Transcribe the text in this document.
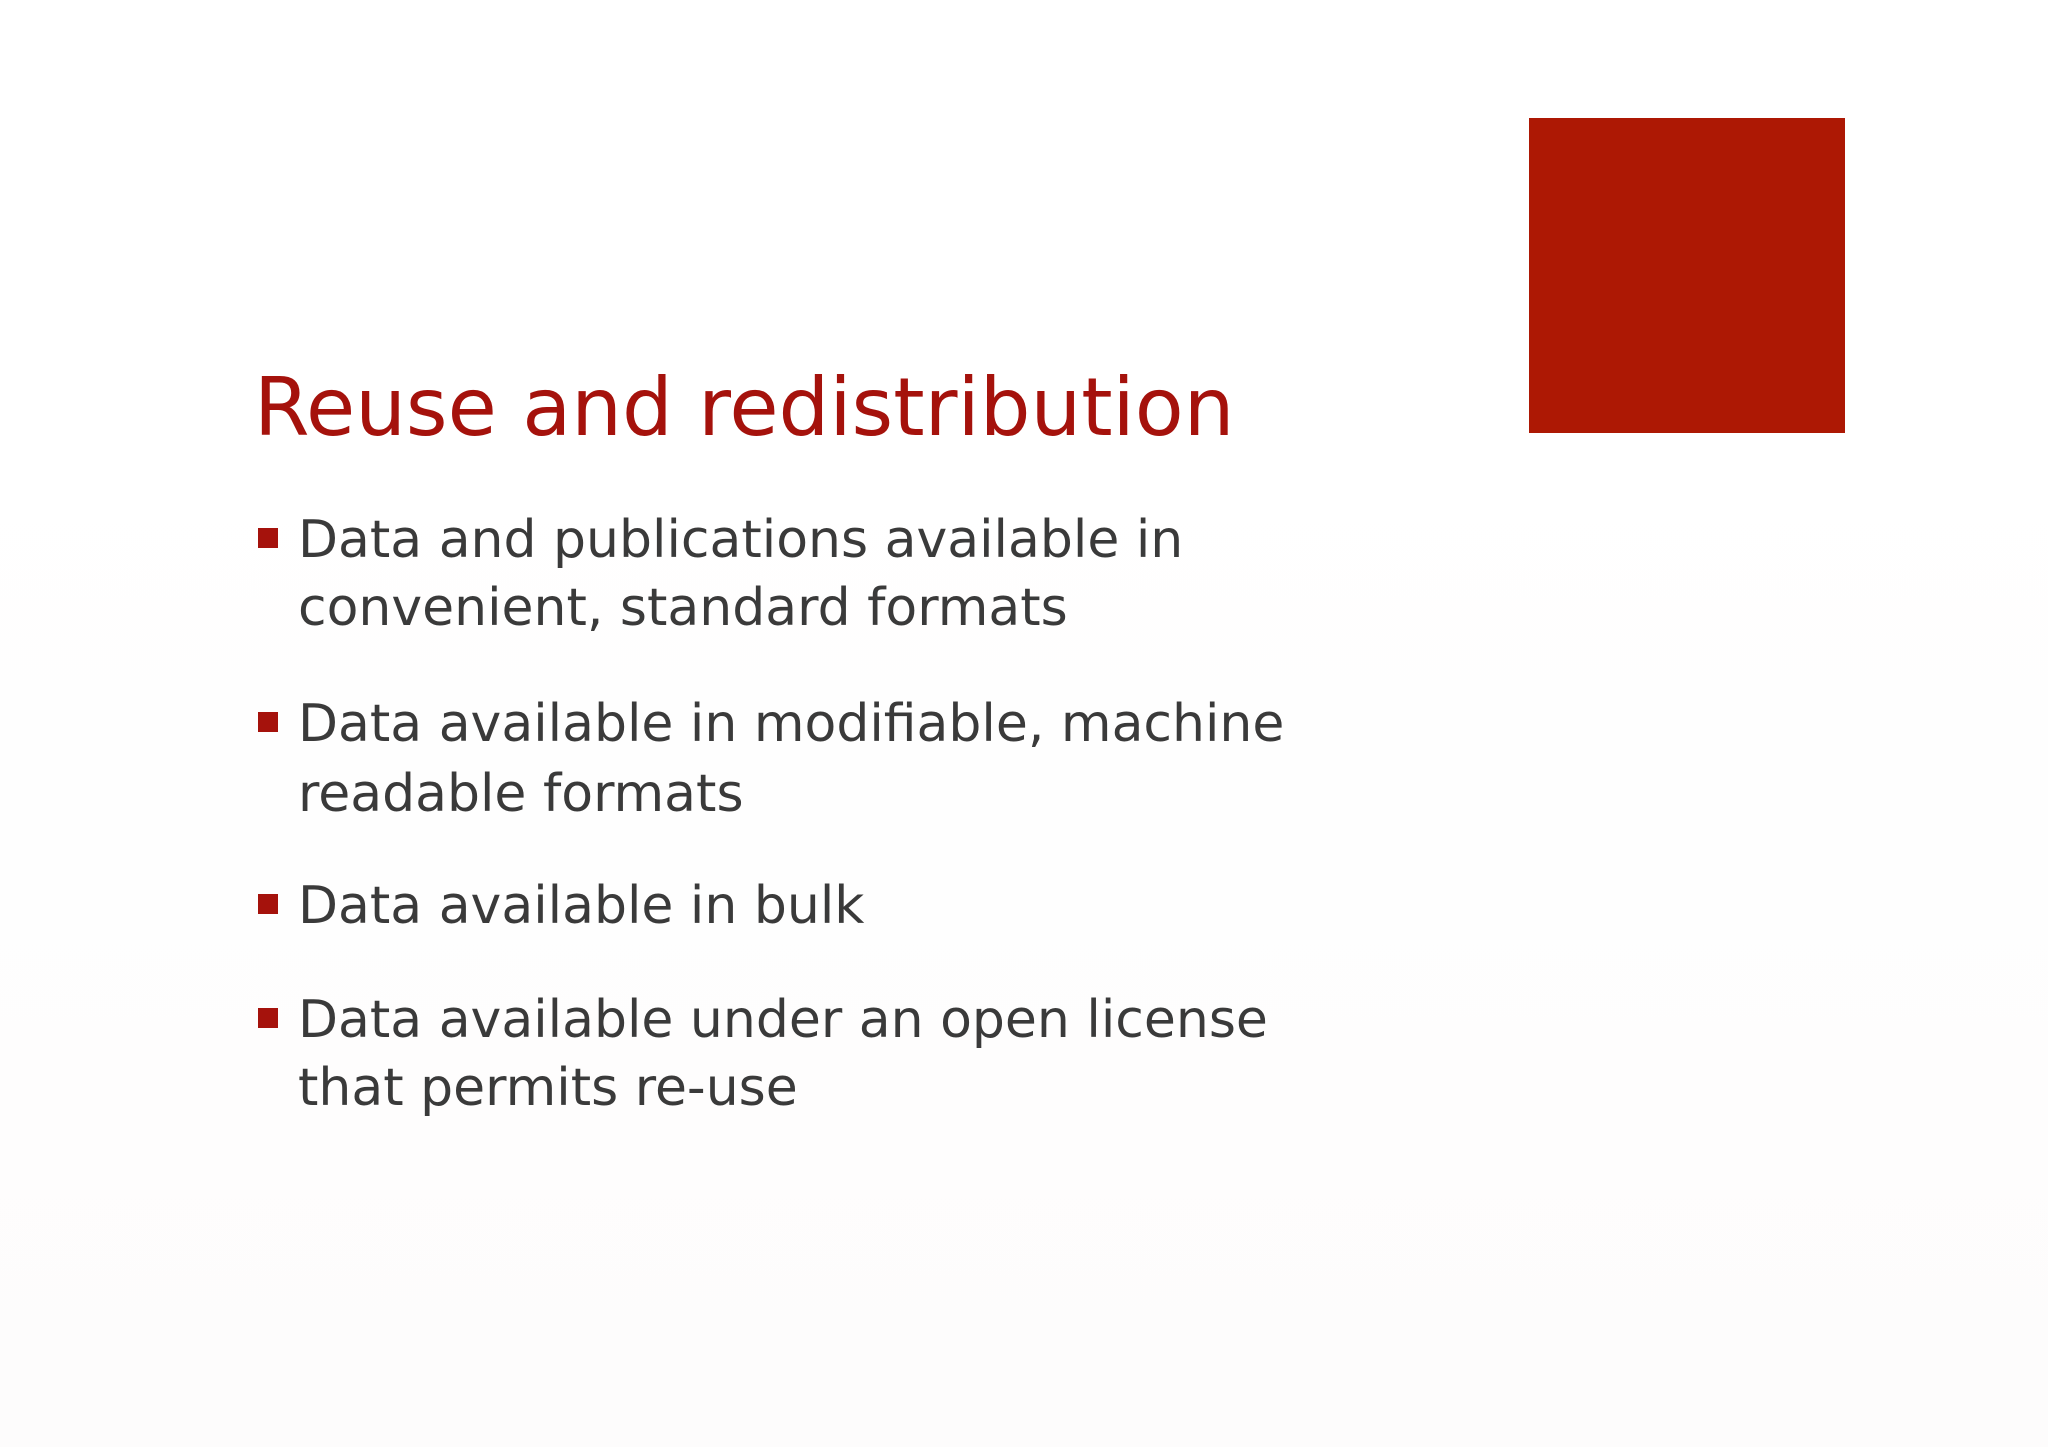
Reuse and redistribution
Data and publications available in
convenient, standard formats
Data available in modifiable, machine
readable formats
Data available in bulk
Data available under an open license
that permits re-use
